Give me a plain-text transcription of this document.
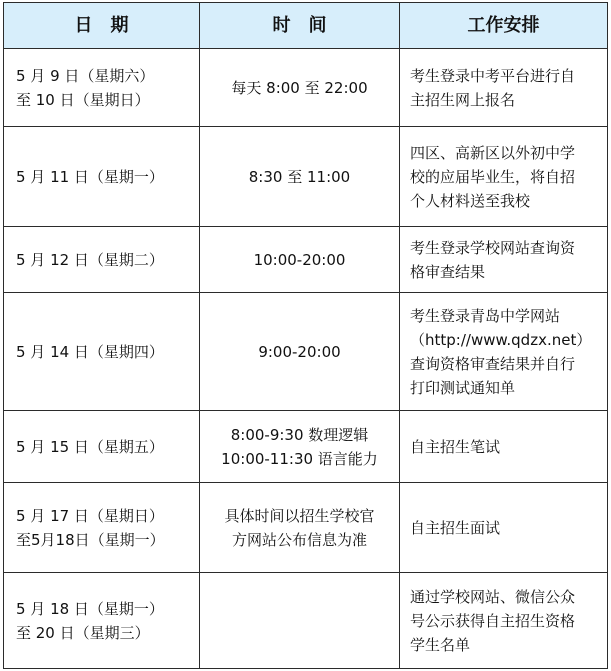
日　期	时　间	工作安排

5 月 9 日（星期六）
至 10 日（星期日）	每天 8:00 至 22:00	考生登录中考平台进行自
主招生网上报名

5 月 11 日（星期一）	8:30 至 11:00	四区、高新区以外初中学
校的应届毕业生，将自招
个人材料送至我校

5 月 12 日（星期二）	10:00-20:00	考生登录学校网站查询资
格审查结果

5 月 14 日（星期四）	9:00-20:00	考生登录青岛中学网站
（http://www.qdzx.net）
查询资格审查结果并自行
打印测试通知单

5 月 15 日（星期五）	8:00-9:30 数理逻辑
10:00-11:30 语言能力	自主招生笔试

5 月 17 日（星期日）
至5月18日（星期一）	具体时间以招生学校官
方网站公布信息为准	自主招生面试

5 月 18 日（星期一）
至 20 日（星期三）		通过学校网站、微信公众
号公示获得自主招生资格
学生名单
